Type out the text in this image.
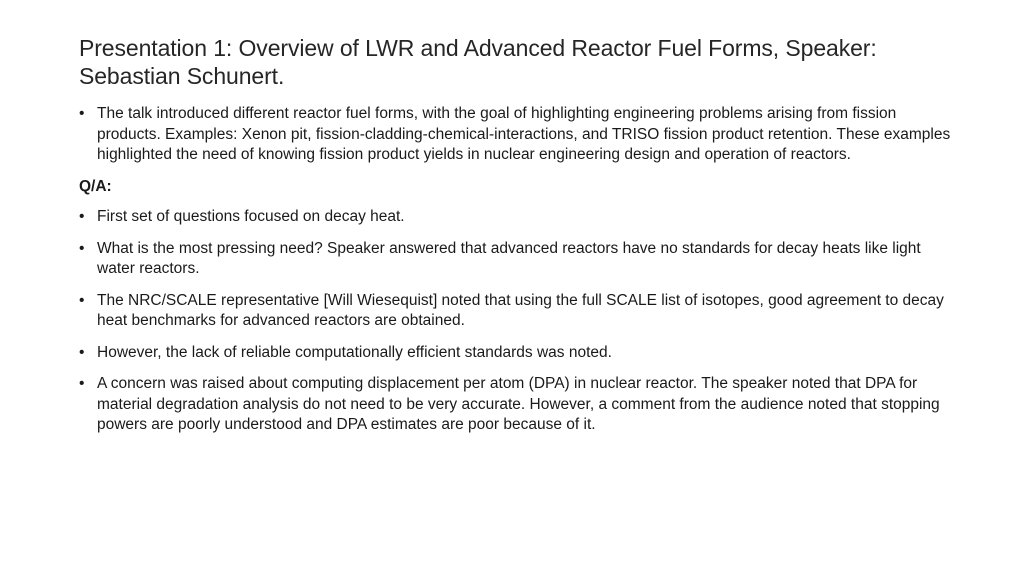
Presentation 1: Overview of LWR and Advanced Reactor Fuel Forms, Speaker: Sebastian Schunert.
• The talk introduced different reactor fuel forms, with the goal of highlighting engineering problems arising from fission products. Examples: Xenon pit, fission-cladding-chemical-interactions, and TRISO fission product retention. These examples highlighted the need of knowing fission product yields in nuclear engineering design and operation of reactors.
Q/A:
• First set of questions focused on decay heat.
• What is the most pressing need? Speaker answered that advanced reactors have no standards for decay heats like light water reactors.
• The NRC/SCALE representative [Will Wiesequist] noted that using the full SCALE list of isotopes, good agreement to decay heat benchmarks for advanced reactors are obtained.
• However, the lack of reliable computationally efficient standards was noted.
• A concern was raised about computing displacement per atom (DPA) in nuclear reactor. The speaker noted that DPA for material degradation analysis do not need to be very accurate. However, a comment from the audience noted that stopping powers are poorly understood and DPA estimates are poor because of it.
